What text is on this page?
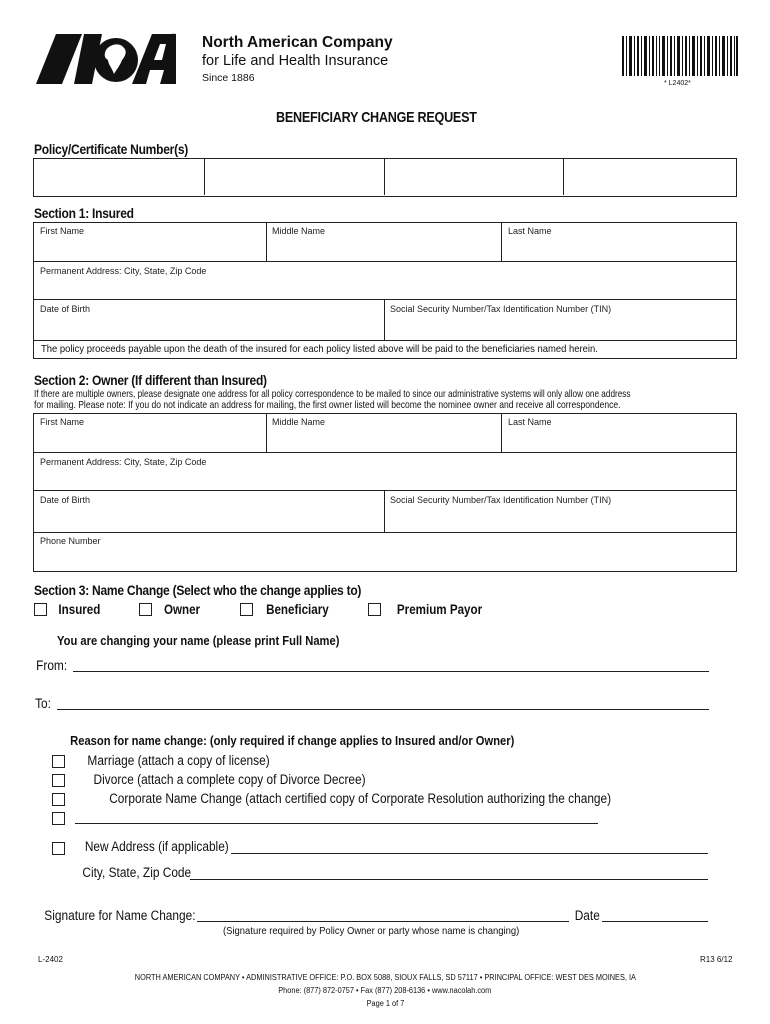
® North American Company
for Life and Health Insurance
Since 1886	* L2402*
BENEFICIARY CHANGE REQUEST
Policy/Certificate Number(s)
Section 1: Insured
First Name	Middle Name	Last Name
Permanent Address: City, State, Zip Code
Date of Birth	Social Security Number/Tax Identification Number (TIN)
The policy proceeds payable upon the death of the insured for each policy listed above will be paid to the beneficiaries named herein.
Section 2: Owner (If different than Insured)
If there are multiple owners, please designate one address for all policy correspondence to be mailed to since our administrative systems will only allow one address
for mailing. Please note: If you do not indicate an address for mailing, the first owner listed will become the nominee owner and receive all correspondence.
First Name	Middle Name	Last Name
Permanent Address: City, State, Zip Code
Date of Birth	Social Security Number/Tax Identification Number (TIN)
Phone Number
Section 3: Name Change (Select who the change applies to)
Insured	Owner	Beneficiary	Premium Payor
You are changing your name (please print Full Name)
From:
To:
Reason for name change: (only required if change applies to Insured and/or Owner)
Marriage (attach a copy of license)
Divorce (attach a complete copy of Divorce Decree)
Corporate Name Change (attach certified copy of Corporate Resolution authorizing the change)
New Address (if applicable)
City, State, Zip Code
Signature for Name Change:	Date
(Signature required by Policy Owner or party whose name is changing)
L-2402	R13 6/12
NORTH AMERICAN COMPANY • ADMINISTRATIVE OFFICE: P.O. BOX 5088, SIOUX FALLS, SD 57117 • PRINCIPAL OFFICE: WEST DES MOINES, IA
Phone: (877) 872-0757 • Fax (877) 208-6136 • www.nacolah.com
Page 1 of 7
